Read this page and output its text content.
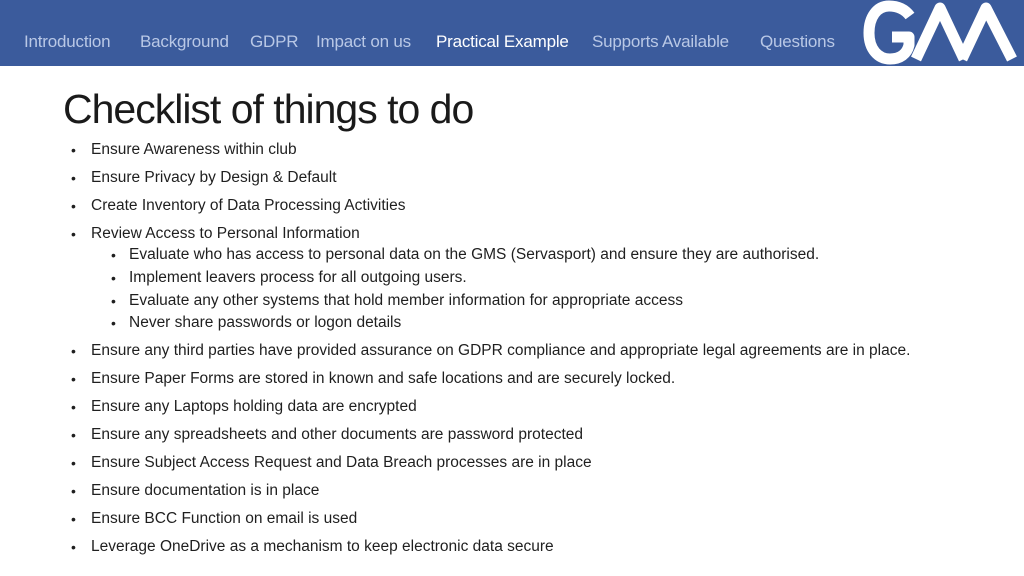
Introduction Background GDPR Impact on us Practical Example Supports Available Questions
Checklist of things to do
• Ensure Awareness within club
• Ensure Privacy by Design & Default
• Create Inventory of Data Processing Activities
• Review Access to Personal Information
• Evaluate who has access to personal data on the GMS (Servasport) and ensure they are authorised.
• Implement leavers process for all outgoing users.
• Evaluate any other systems that hold member information for appropriate access
• Never share passwords or logon details
• Ensure any third parties have provided assurance on GDPR compliance and appropriate legal agreements are in place.
• Ensure Paper Forms are stored in known and safe locations and are securely locked.
• Ensure any Laptops holding data are encrypted
• Ensure any spreadsheets and other documents are password protected
• Ensure Subject Access Request and Data Breach processes are in place
• Ensure documentation is in place
• Ensure BCC Function on email is used
• Leverage OneDrive as a mechanism to keep electronic data secure
